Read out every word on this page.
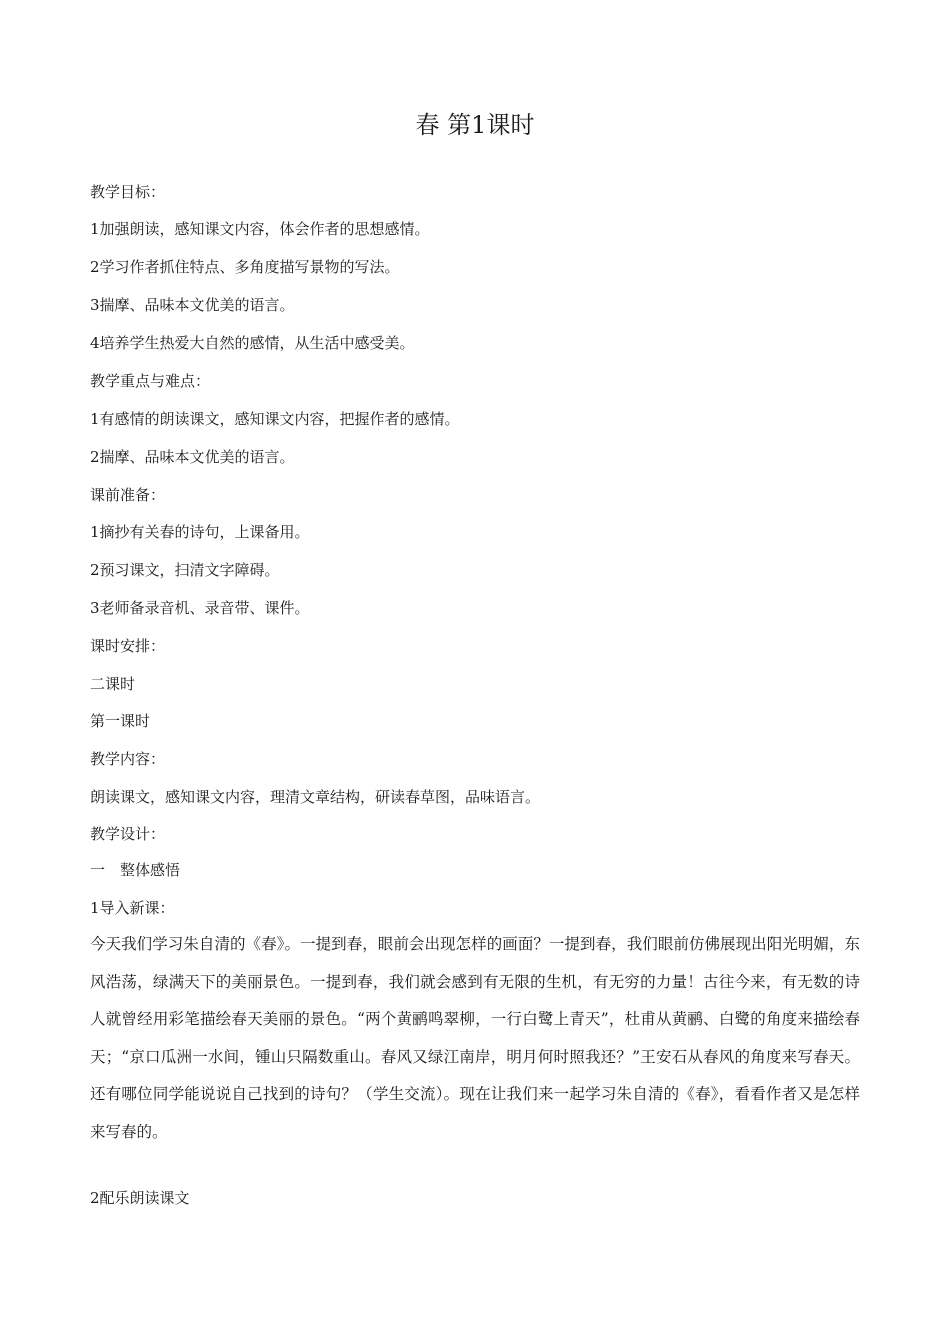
春 第1课时
教学目标：
1加强朗读，感知课文内容，体会作者的思想感情。
2学习作者抓住特点、多角度描写景物的写法。
3揣摩、品味本文优美的语言。
4培养学生热爱大自然的感情，从生活中感受美。
教学重点与难点：
1有感情的朗读课文，感知课文内容，把握作者的感情。
2揣摩、品味本文优美的语言。
课前准备：
1摘抄有关春的诗句，上课备用。
2预习课文，扫清文字障碍。
3老师备录音机、录音带、课件。
课时安排：
二课时
第一课时
教学内容：
朗读课文，感知课文内容，理清文章结构，研读春草图，品味语言。
教学设计：
一　整体感悟
1导入新课：
今天我们学习朱自清的《春》。一提到春，眼前会出现怎样的画面？一提到春，我们眼前仿佛展现出阳光明媚，东风浩荡，绿满天下的美丽景色。一提到春，我们就会感到有无限的生机，有无穷的力量！古往今来，有无数的诗人就曾经用彩笔描绘春天美丽的景色。“两个黄鹂鸣翠柳，一行白鹭上青天”，杜甫从黄鹂、白鹭的角度来描绘春天；“京口瓜洲一水间，锺山只隔数重山。春风又绿江南岸，明月何时照我还？”王安石从春风的角度来写春天。还有哪位同学能说说自己找到的诗句？（学生交流）。现在让我们来一起学习朱自清的《春》，看看作者又是怎样来写春的。
2配乐朗读课文
